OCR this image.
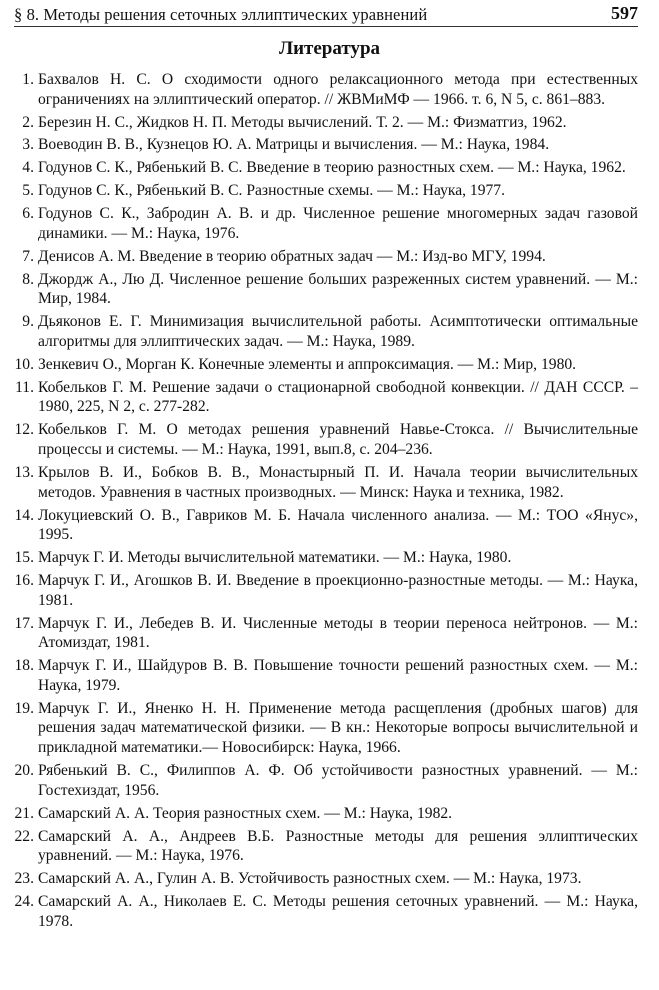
§ 8. Методы решения сеточных эллиптических уравнений	597
Литература
1. Бахвалов Н. С. О сходимости одного релаксационного метода при естественных ограничениях на эллиптический оператор. // ЖВМиМФ — 1966. т. 6, N 5, с. 861–883.
2. Березин Н. С., Жидков Н. П. Методы вычислений. Т. 2. — М.: Физматгиз, 1962.
3. Воеводин В. В., Кузнецов Ю. А. Матрицы и вычисления. — М.: Наука, 1984.
4. Годунов С. К., Рябенький В. С. Введение в теорию разностных схем. — М.: Наука, 1962.
5. Годунов С. К., Рябенький В. С. Разностные схемы. — М.: Наука, 1977.
6. Годунов С. К., Забродин А. В. и др. Численное решение многомерных задач газовой динамики. — М.: Наука, 1976.
7. Денисов А. М. Введение в теорию обратных задач — М.: Изд-во МГУ, 1994.
8. Джордж А., Лю Д. Численное решение больших разреженных систем уравнений. — М.: Мир, 1984.
9. Дьяконов Е. Г. Минимизация вычислительной работы. Асимптотически оптимальные алгоритмы для эллиптических задач. — М.: Наука, 1989.
10. Зенкевич О., Морган К. Конечные элементы и аппроксимация. — М.: Мир, 1980.
11. Кобельков Г. М. Решение задачи о стационарной свободной конвекции. // ДАН СССР. – 1980, 225, N 2, с. 277-282.
12. Кобельков Г. М. О методах решения уравнений Навье-Стокса. // Вычислительные процессы и системы. — М.: Наука, 1991, вып.8, с. 204–236.
13. Крылов В. И., Бобков В. В., Монастырный П. И. Начала теории вычислительных методов. Уравнения в частных производных. — Минск: Наука и техника, 1982.
14. Локуциевский О. В., Гавриков М. Б. Начала численного анализа. — М.: ТОО «Янус», 1995.
15. Марчук Г. И. Методы вычислительной математики. — М.: Наука, 1980.
16. Марчук Г. И., Агошков В. И. Введение в проекционно-разностные методы. — М.: Наука, 1981.
17. Марчук Г. И., Лебедев В. И. Численные методы в теории переноса нейтронов. — М.: Атомиздат, 1981.
18. Марчук Г. И., Шайдуров В. В. Повышение точности решений разностных схем. — М.: Наука, 1979.
19. Марчук Г. И., Яненко Н. Н. Применение метода расщепления (дробных шагов) для решения задач математической физики. — В кн.: Некоторые вопросы вычислительной и прикладной математики.— Новосибирск: Наука, 1966.
20. Рябенький В. С., Филиппов А. Ф. Об устойчивости разностных уравнений. — М.: Гостехиздат, 1956.
21. Самарский А. А. Теория разностных схем. — М.: Наука, 1982.
22. Самарский А. А., Андреев В.Б. Разностные методы для решения эллиптических уравнений. — М.: Наука, 1976.
23. Самарский А. А., Гулин А. В. Устойчивость разностных схем. — М.: Наука, 1973.
24. Самарский А. А., Николаев Е. С. Методы решения сеточных уравнений. — М.: Наука, 1978.
